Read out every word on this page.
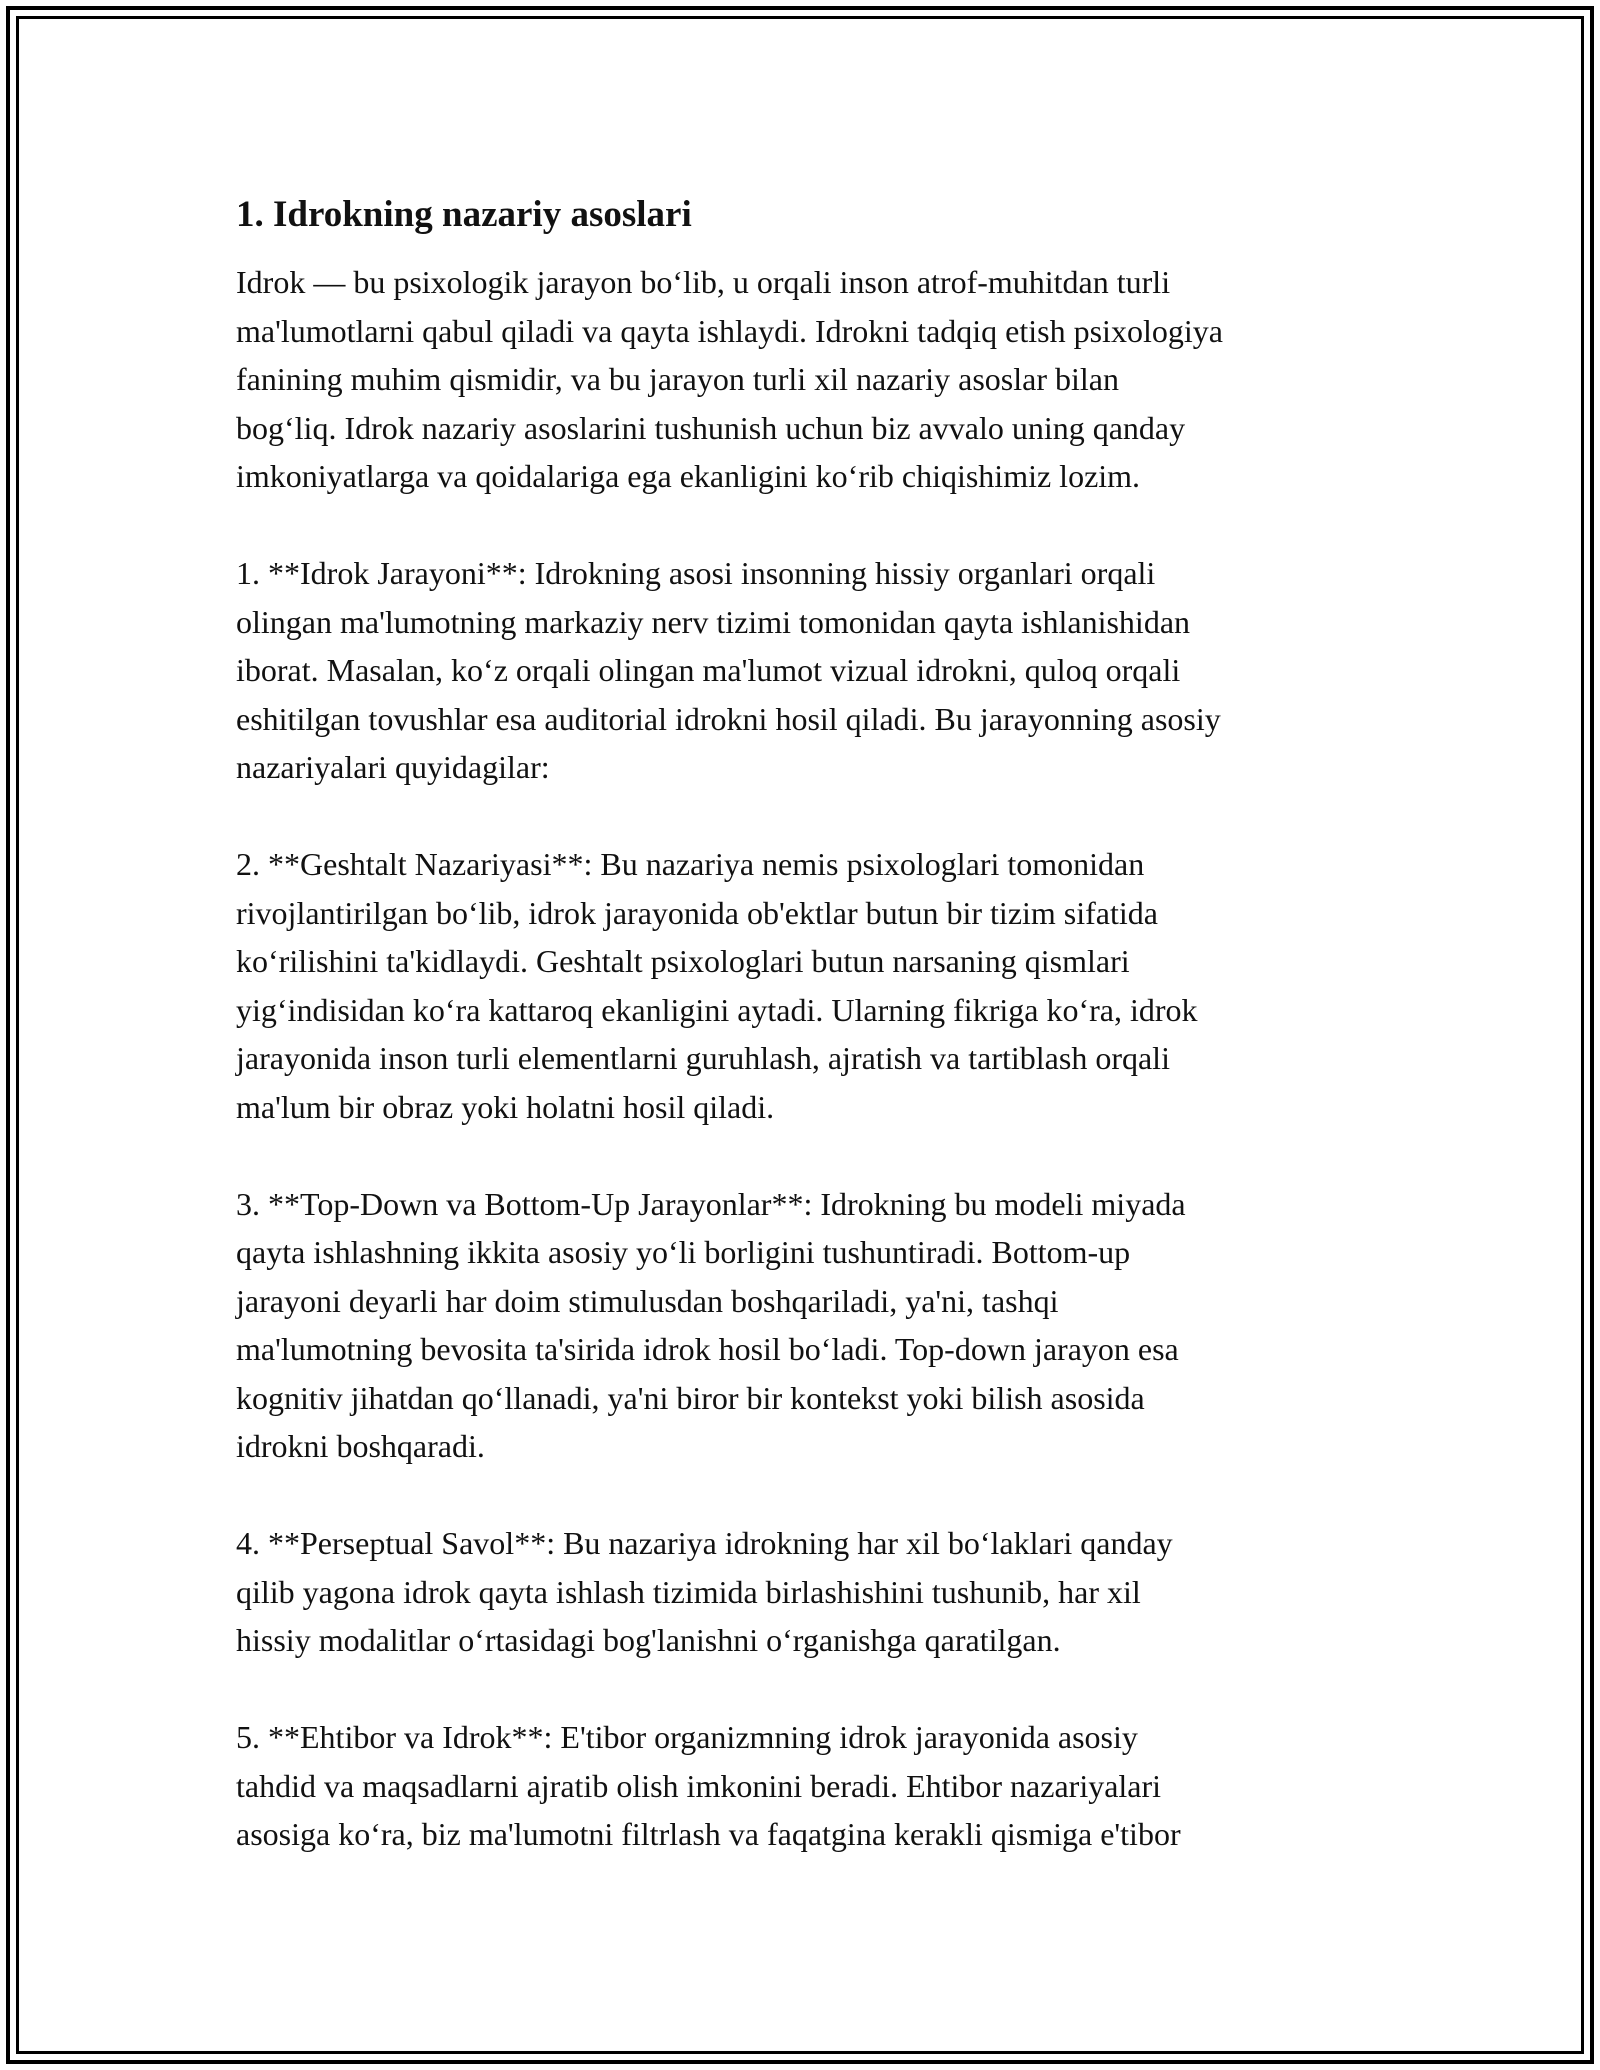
1. Idrokning nazariy asoslari
Idrok — bu psixologik jarayon bo‘lib, u orqali inson atrof-muhitdan turli
ma'lumotlarni qabul qiladi va qayta ishlaydi. Idrokni tadqiq etish psixologiya
fanining muhim qismidir, va bu jarayon turli xil nazariy asoslar bilan
bog‘liq. Idrok nazariy asoslarini tushunish uchun biz avvalo uning qanday
imkoniyatlarga va qoidalariga ega ekanligini ko‘rib chiqishimiz lozim.
1. **Idrok Jarayoni**: Idrokning asosi insonning hissiy organlari orqali
olingan ma'lumotning markaziy nerv tizimi tomonidan qayta ishlanishidan
iborat. Masalan, ko‘z orqali olingan ma'lumot vizual idrokni, quloq orqali
eshitilgan tovushlar esa auditorial idrokni hosil qiladi. Bu jarayonning asosiy
nazariyalari quyidagilar:
2. **Geshtalt Nazariyasi**: Bu nazariya nemis psixologlari tomonidan
rivojlantirilgan bo‘lib, idrok jarayonida ob'ektlar butun bir tizim sifatida
ko‘rilishini ta'kidlaydi. Geshtalt psixologlari butun narsaning qismlari
yig‘indisidan ko‘ra kattaroq ekanligini aytadi. Ularning fikriga ko‘ra, idrok
jarayonida inson turli elementlarni guruhlash, ajratish va tartiblash orqali
ma'lum bir obraz yoki holatni hosil qiladi.
3. **Top-Down va Bottom-Up Jarayonlar**: Idrokning bu modeli miyada
qayta ishlashning ikkita asosiy yo‘li borligini tushuntiradi. Bottom-up
jarayoni deyarli har doim stimulusdan boshqariladi, ya'ni, tashqi
ma'lumotning bevosita ta'sirida idrok hosil bo‘ladi. Top-down jarayon esa
kognitiv jihatdan qo‘llanadi, ya'ni biror bir kontekst yoki bilish asosida
idrokni boshqaradi.
4. **Perseptual Savol**: Bu nazariya idrokning har xil bo‘laklari qanday
qilib yagona idrok qayta ishlash tizimida birlashishini tushunib, har xil
hissiy modalitlar o‘rtasidagi bog'lanishni o‘rganishga qaratilgan.
5. **Ehtibor va Idrok**: E'tibor organizmning idrok jarayonida asosiy
tahdid va maqsadlarni ajratib olish imkonini beradi. Ehtibor nazariyalari
asosiga ko‘ra, biz ma'lumotni filtrlash va faqatgina kerakli qismiga e'tibor
